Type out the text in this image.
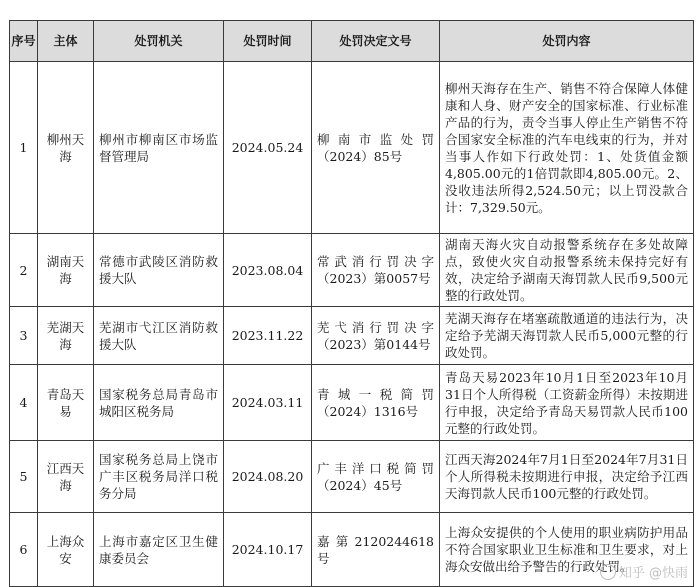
序号	主体	处罚机关	处罚时间	处罚决定文号	处罚内容
1	柳州天海	柳州市柳南区市场监督管理局	2024.05.24	柳南市监处罚（2024）85号	柳州天海存在生产、销售不符合保障人体健康和人身、财产安全的国家标准、行业标准产品的行为，责令当事人停止生产销售不符合国家安全标准的汽车电线束的行为，并对当事人作如下行政处罚：1、处货值金额4,805.00元的1倍罚款即4,805.00元。2、没收违法所得2,524.50元；以上罚没款合计：7,329.50元。
2	湖南天海	常德市武陵区消防救援大队	2023.08.04	常武消行罚决字（2023）第0057号	湖南天海火灾自动报警系统存在多处故障点，致使火灾自动报警系统未保持完好有效，决定给予湖南天海罚款人民币9,500元整的行政处罚。
3	芜湖天海	芜湖市弋江区消防救援大队	2023.11.22	芜弋消行罚决字（2023）第0144号	芜湖天海存在堵塞疏散通道的违法行为，决定给予芜湖天海罚款人民币5,000元整的行政处罚。
4	青岛天易	国家税务总局青岛市城阳区税务局	2024.03.11	青城一税简罚（2024）1316号	青岛天易2023年10月1日至2023年10月31日个人所得税（工资薪金所得）未按期进行申报，决定给予青岛天易罚款人民币100元整的行政处罚。
5	江西天海	国家税务总局上饶市广丰区税务局洋口税务分局	2024.08.20	广丰洋口税简罚（2024）45号	江西天海2024年7月1日至2024年7月31日个人所得税未按期进行申报，决定给予江西天海罚款人民币100元整的行政处罚。
6	上海众安	上海市嘉定区卫生健康委员会	2024.10.17	嘉第2120244618号	上海众安提供的个人使用的职业病防护用品不符合国家职业卫生标准和卫生要求，对上海众安做出给予警告的行政处罚。
知乎 @快雨
